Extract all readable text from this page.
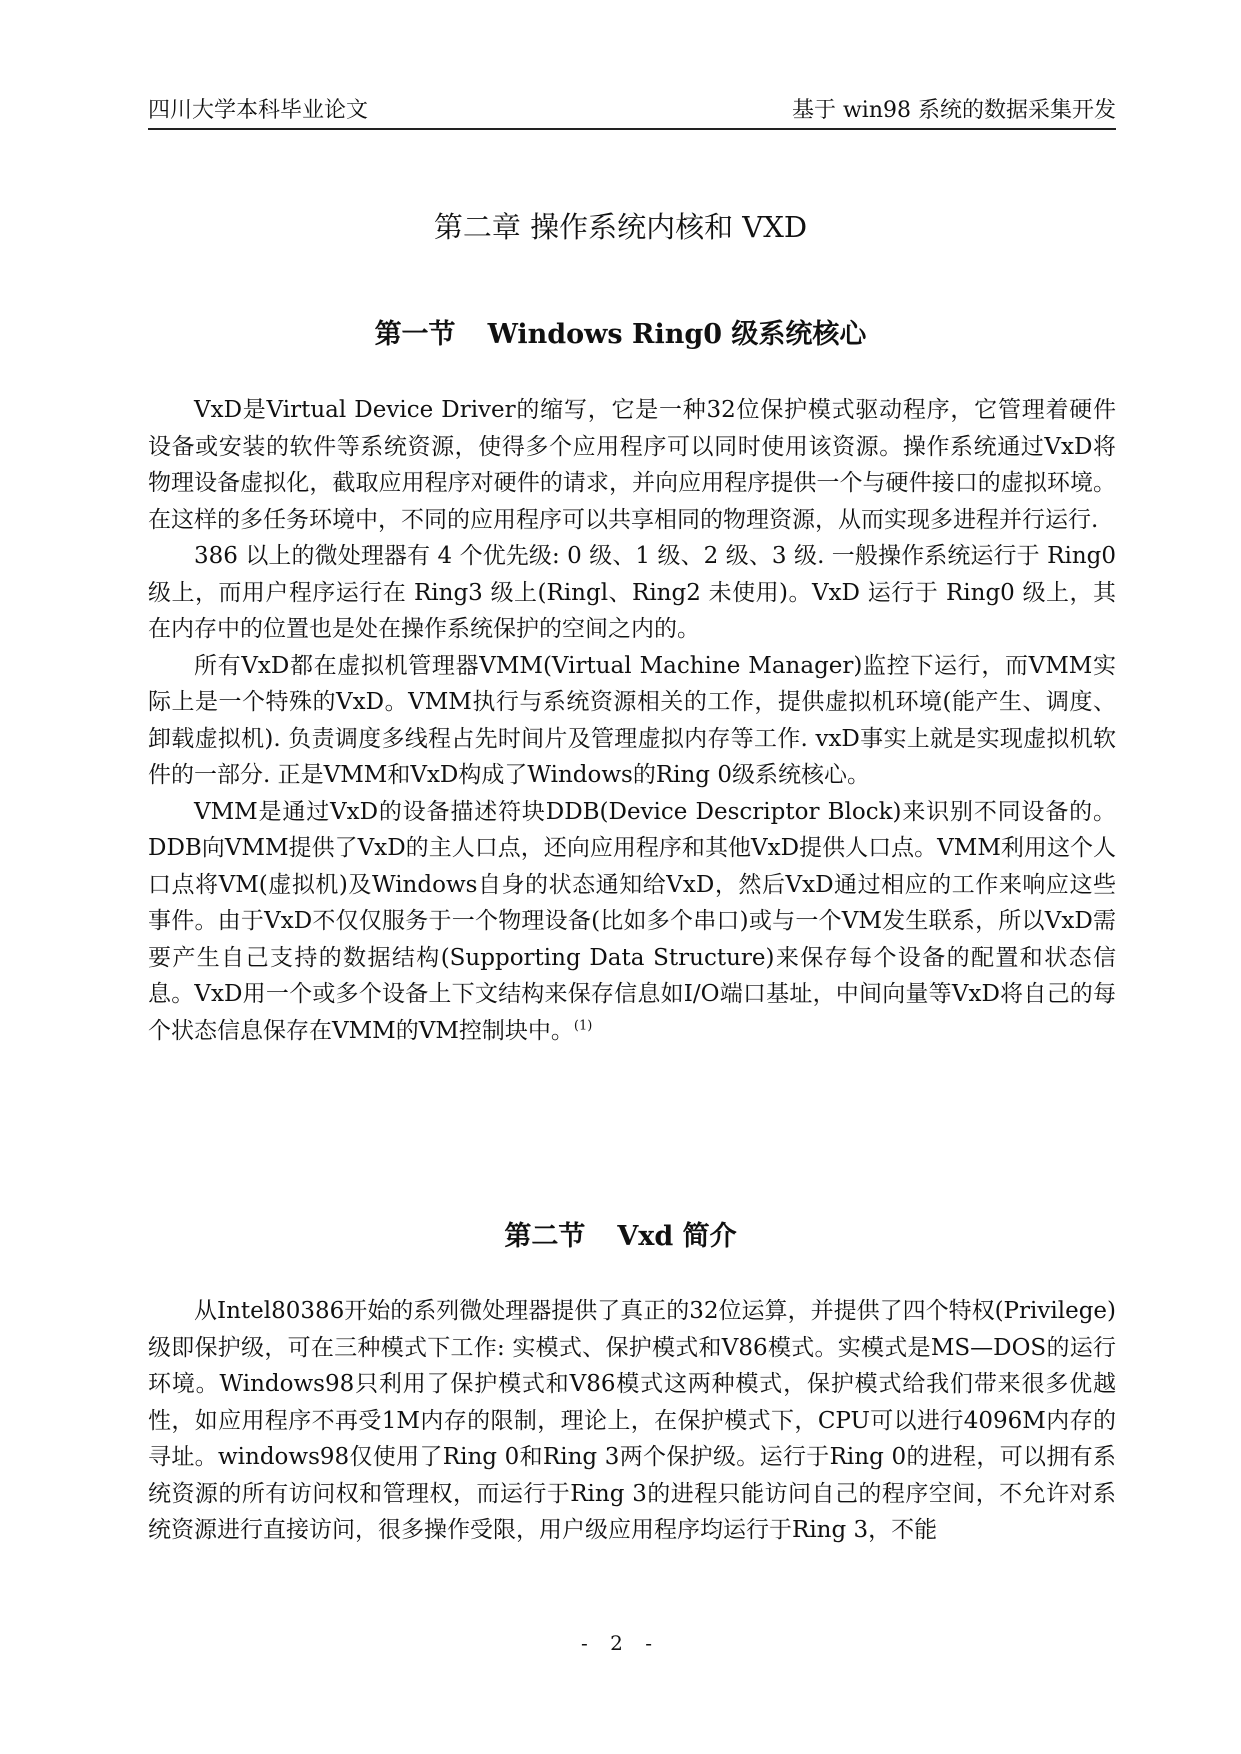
四川大学本科毕业论文	基于 win98 系统的数据采集开发
第二章 操作系统内核和 VXD
第一节 Windows Ring0 级系统核心

VxD是Virtual Device Driver的缩写，它是一种32位保护模式驱动程序，它管理着硬件设备或安装的软件等系统资源，使得多个应用程序可以同时使用该资源。操作系统通过VxD将物理设备虚拟化，截取应用程序对硬件的请求，并向应用程序提供一个与硬件接口的虚拟环境。在这样的多任务环境中，不同的应用程序可以共享相同的物理资源，从而实现多进程并行运行.

386 以上的微处理器有 4 个优先级: 0 级、1 级、2 级、3 级. 一般操作系统运行于 Ring0 级上，而用户程序运行在 Ring3 级上(Ringl、Ring2 未使用)。VxD 运行于 Ring0 级上，其在内存中的位置也是处在操作系统保护的空间之内的。

所有VxD都在虚拟机管理器VMM(Virtual Machine Manager)监控下运行，而VMM实际上是一个特殊的VxD。VMM执行与系统资源相关的工作，提供虚拟机环境(能产生、调度、卸载虚拟机). 负责调度多线程占先时间片及管理虚拟内存等工作. vxD事实上就是实现虚拟机软件的一部分. 正是VMM和VxD构成了Windows的Ring 0级系统核心。

VMM是通过VxD的设备描述符块DDB(Device Descriptor Block)来识别不同设备的。DDB向VMM提供了VxD的主人口点，还向应用程序和其他VxD提供人口点。VMM利用这个人口点将VM(虚拟机)及Windows自身的状态通知给VxD，然后VxD通过相应的工作来响应这些事件。由于VxD不仅仅服务于一个物理设备(比如多个串口)或与一个VM发生联系，所以VxD需要产生自己支持的数据结构(Supporting Data Structure)来保存每个设备的配置和状态信息。VxD用一个或多个设备上下文结构来保存信息如I/O端口基址，中间向量等VxD将自己的每个状态信息保存在VMM的VM控制块中。$^{(1)}$

第二节 Vxd 简介

从Intel80386开始的系列微处理器提供了真正的32位运算，并提供了四个特权(Privilege)级即保护级，可在三种模式下工作: 实模式、保护模式和V86模式。实模式是MS—DOS的运行环境。Windows98只利用了保护模式和V86模式这两种模式，保护模式给我们带来很多优越性，如应用程序不再受1M内存的限制，理论上，在保护模式下，CPU可以进行4096M内存的寻址。windows98仅使用了Ring 0和Ring 3两个保护级。运行于Ring 0的进程，可以拥有系统资源的所有访问权和管理权，而运行于Ring 3的进程只能访问自己的程序空间，不允许对系统资源进行直接访问，很多操作受限，用户级应用程序均运行于Ring 3，不能

- 2 -
